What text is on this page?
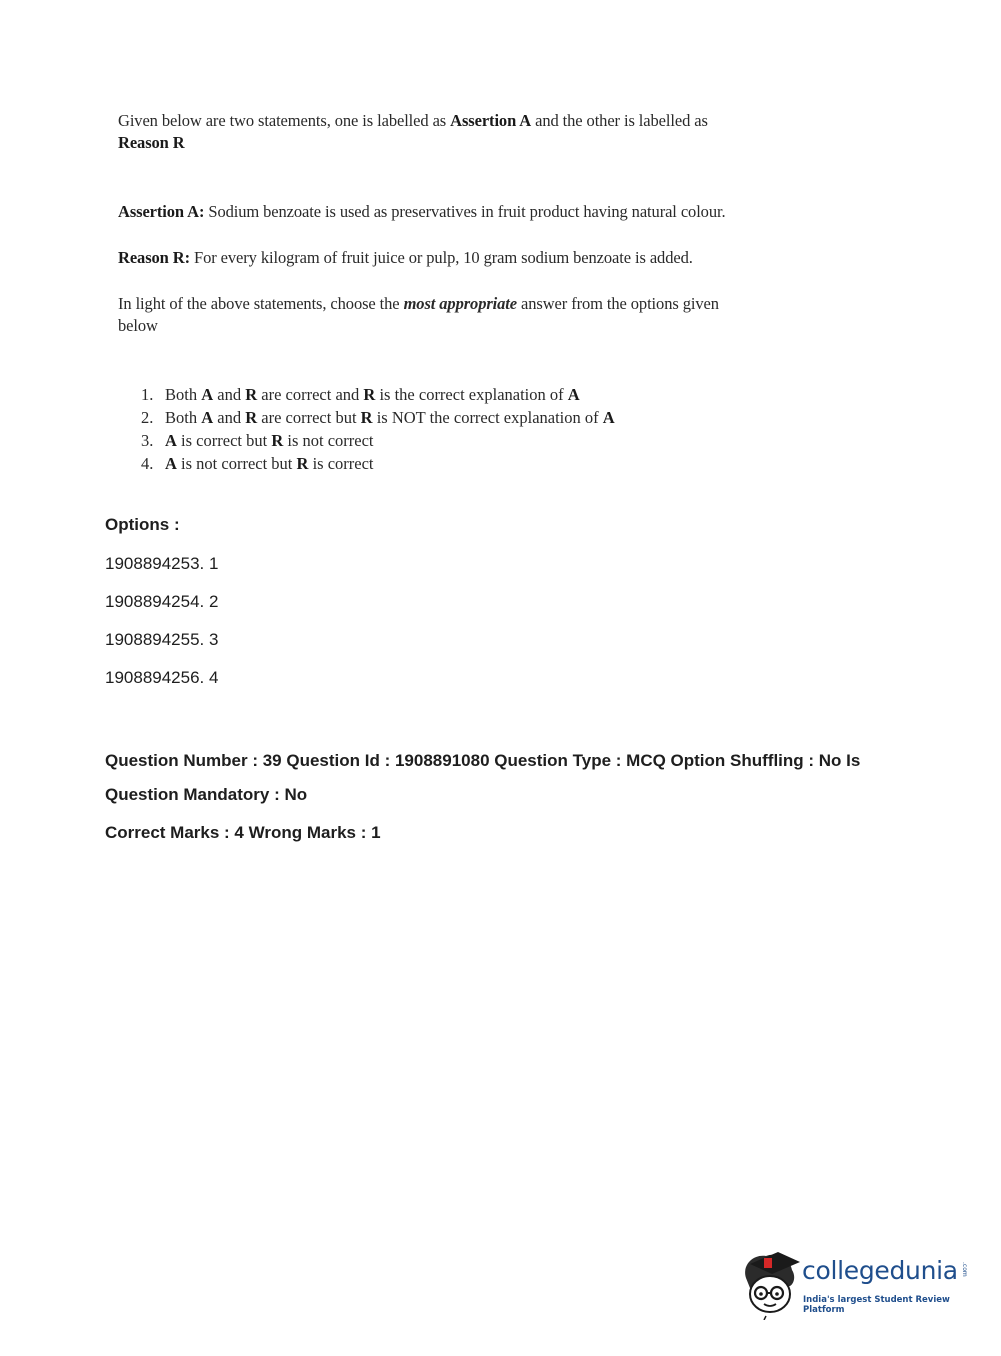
Given below are two statements, one is labelled as Assertion A and the other is labelled as
Reason R
Assertion A: Sodium benzoate is used as preservatives in fruit product having natural colour.
Reason R: For every kilogram of fruit juice or pulp, 10 gram sodium benzoate is added.
In light of the above statements, choose the most appropriate answer from the options given
below
1. Both A and R are correct and R is the correct explanation of A
2. Both A and R are correct but R is NOT the correct explanation of A
3. A is correct but R is not correct
4. A is not correct but R is correct
Options :
1908894253. 1
1908894254. 2
1908894255. 3
1908894256. 4
Question Number : 39 Question Id : 1908891080 Question Type : MCQ Option Shuffling : No Is
Question Mandatory : No
Correct Marks : 4 Wrong Marks : 1
collegedunia .com
India's largest Student Review Platform
